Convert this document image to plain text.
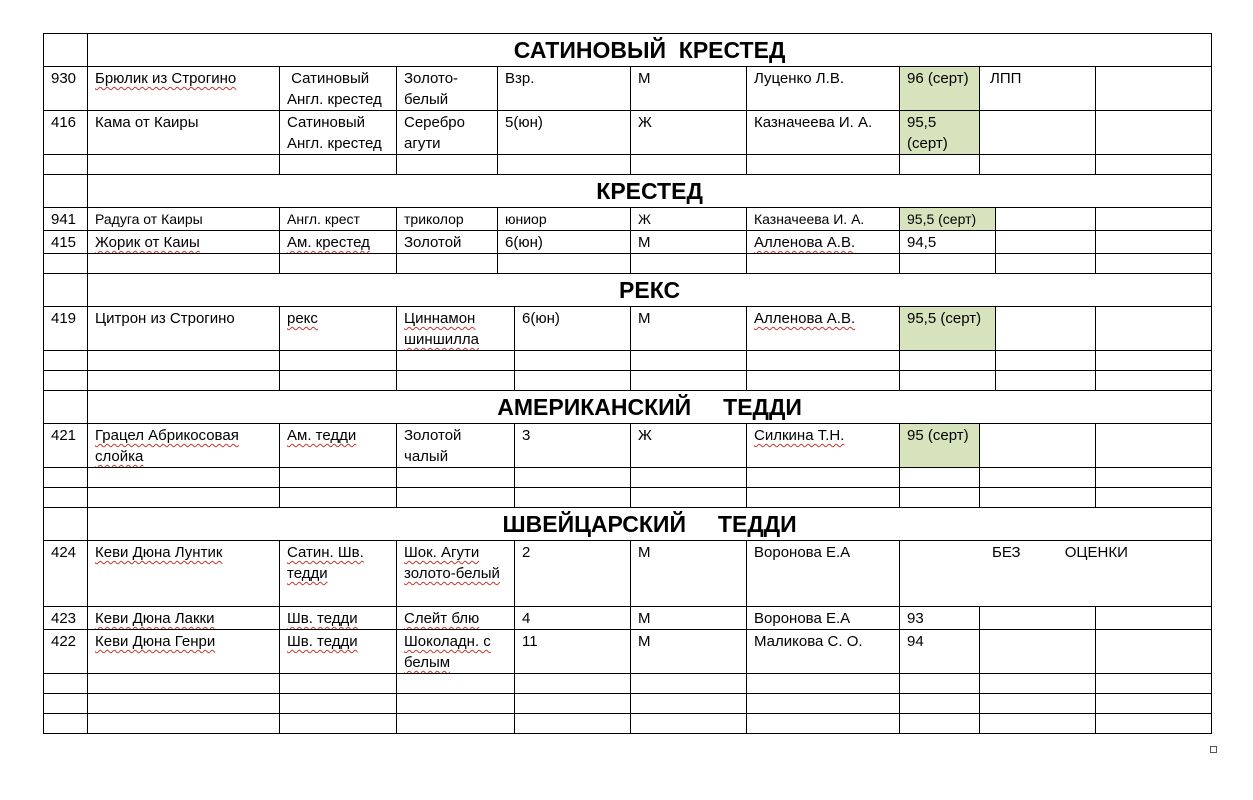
	САТИНОВЫЙ  КРЕСТЕД										
930	Брюлик из Строгино	Сатиновый Англ. крестед	Золото-белый	Взр.		М	Луценко Л.В.	96 (серт)	ЛПП		
416	Кама от Каиры	Сатиновый Англ. крестед	Серебро агути	5(юн)		Ж	Казначеева И. А.	95,5 (серт)			

	КРЕСТЕД										
941	Радуга от Каиры	Англ. крест	триколор	юниор		Ж	Казначеева И. А.	95,5 (серт)			
415	Жорик от Каиы	Ам. крестед	Золотой	6(юн)		М	Алленова А.В.	94,5			

	РЕКС										
419	Цитрон из Строгино	рекс	Циннамон шиншилла		6(юн)	М	Алленова А.В.	95,5 (серт)			

	АМЕРИКАНСКИЙ     ТЕДДИ										
421	Грацел Абрикосовая слойка	Ам. тедди	Золотой чалый		3	Ж	Силкина Т.Н.	95 (серт)			

	ШВЕЙЦАРСКИЙ     ТЕДДИ										
424	Кеви Дюна Лунтик	Сатин. Шв. тедди	Шок. Агути золото-белый		2	М	Воронова Е.А	БЕЗ ОЦЕНКИ			
423	Кеви Дюна Лакки	Шв. тедди	Слейт блю		4	М	Воронова Е.А	93			
422	Кеви Дюна Генри	Шв. тедди	Шоколадн. с белым		11	М	Маликова С. О.	94			
